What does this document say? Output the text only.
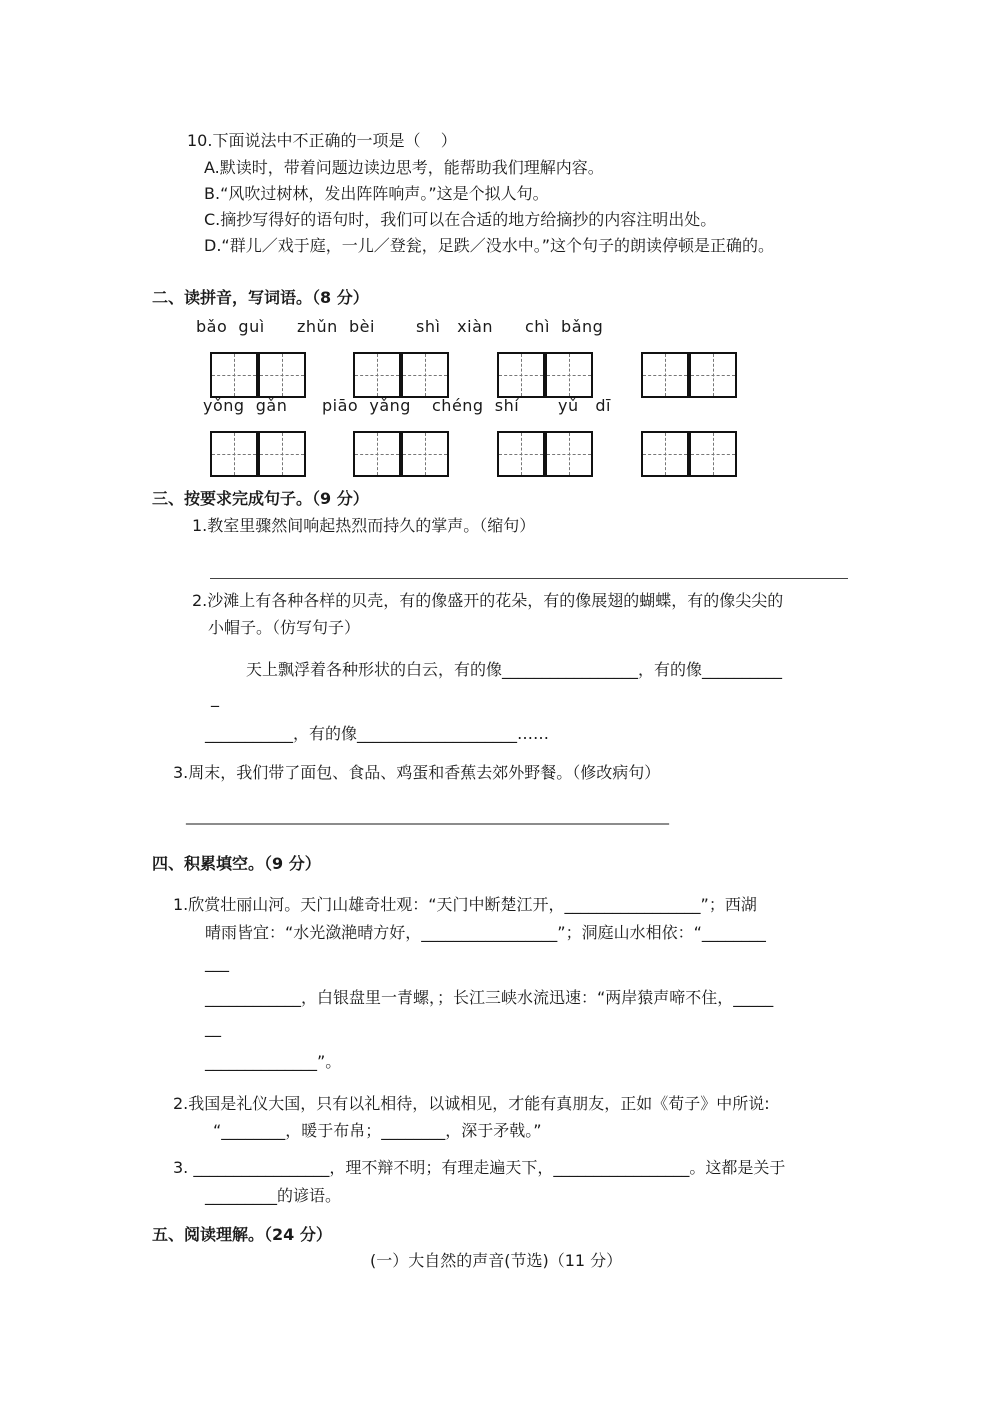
10.下面说法中不正确的一项是（    ）
A.默读时，带着问题边读边思考，能帮助我们理解内容。
B.“风吹过树林，发出阵阵响声。”这是个拟人句。
C.摘抄写得好的语句时，我们可以在合适的地方给摘抄的内容注明出处。
D.“群儿／戏于庭，一儿／登瓮，足跌／没水中。”这个句子的朗读停顿是正确的。
二、读拼音，写词语。（8 分）
bǎo  guì zhǔn  bèi	shì   xiàn chì  bǎng
yǒng  gǎn piāo  yǎng chéng  shí yǔ   dī
三、按要求完成句子。（9 分）
1.教室里骤然间响起热烈而持久的掌声。（缩句）
2.沙滩上有各种各样的贝壳，有的像盛开的花朵，有的像展翅的蝴蝶，有的像尖尖的
小帽子。（仿写句子）
天上飘浮着各种形状的白云，有的像_________________，有的像__________
_
___________，有的像____________________……
3.周末，我们带了面包、食品、鸡蛋和香蕉去郊外野餐。（修改病句）
_____________________________________________________________________
四、积累填空。（9 分）
1.欣赏壮丽山河。天门山雄奇壮观：“天门中断楚江开，_________________”；西湖
晴雨皆宜：“水光潋滟晴方好，_________________”；洞庭山水相依：“________
___
____________，白银盘里一青螺，；长江三峡水流迅速：“两岸猿声啼不住，_____
__
______________”。
2.我国是礼仪大国，只有以礼相待，以诚相见，才能有真朋友，正如《荀子》中所说:
“________，暖于布帛；________，深于矛戟。”
3. _________________，理不辩不明；有理走遍天下，_________________。这都是关于
_________的谚语。
五、阅读理解。（24 分）
(一）大自然的声音(节选)（11 分）
